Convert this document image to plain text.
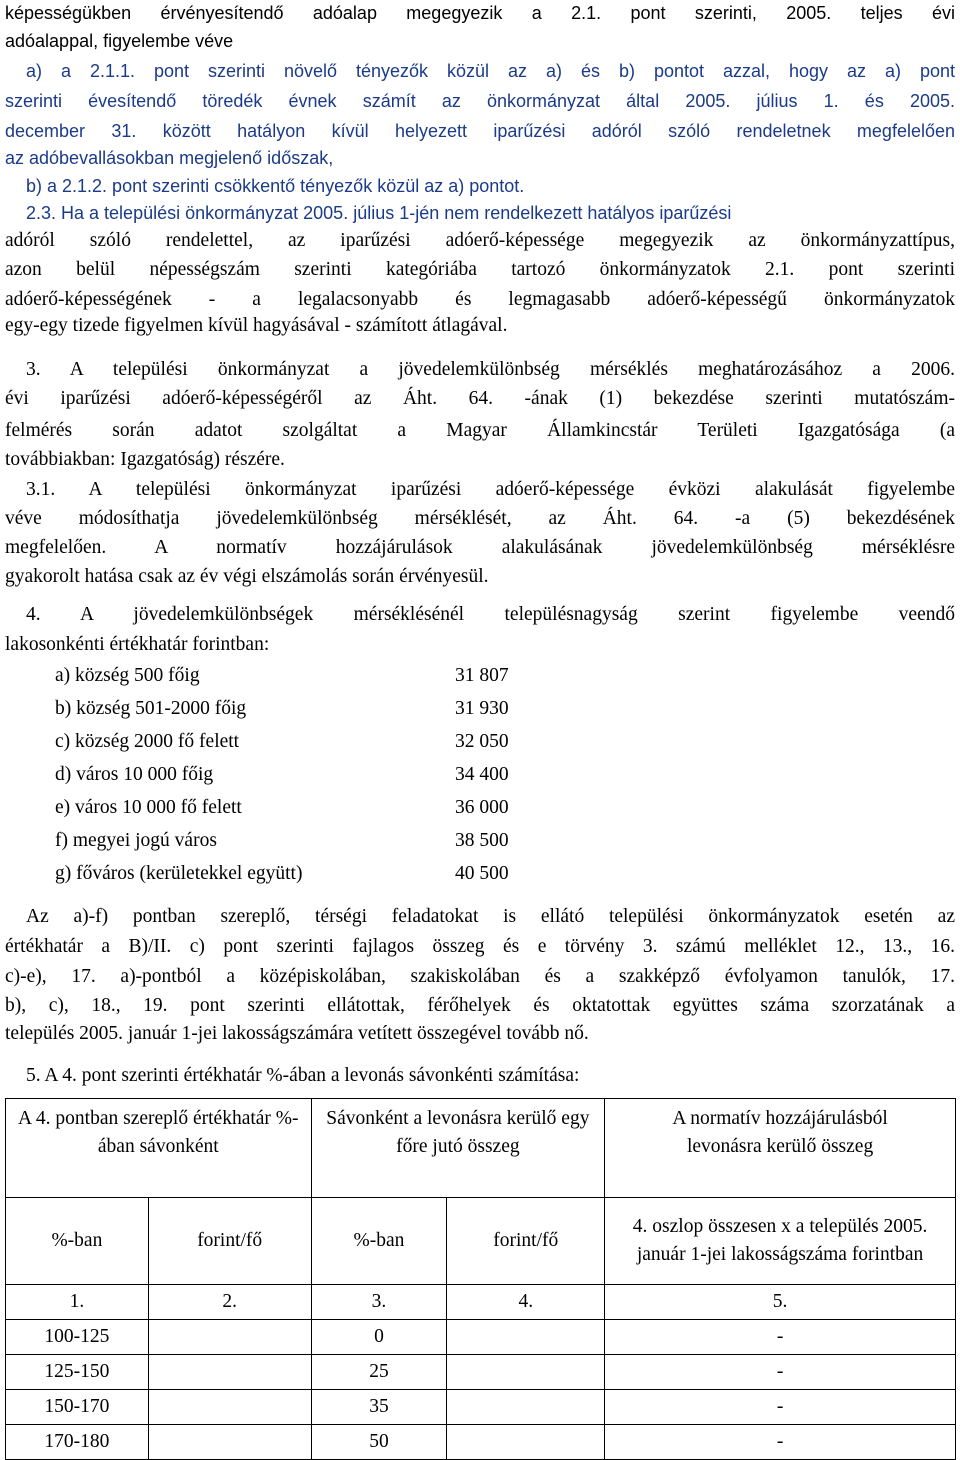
képességükben érvényesítendő adóalap megegyezik a 2.1. pont szerinti, 2005. teljes évi
adóalappal, figyelembe véve
a) a 2.1.1. pont szerinti növelő tényezők közül az a) és b) pontot azzal, hogy az a) pont
szerinti évesítendő töredék évnek számít az önkormányzat által 2005. július 1. és 2005.
december 31. között hatályon kívül helyezett iparűzési adóról szóló rendeletnek megfelelően
az adóbevallásokban megjelenő időszak,
b) a 2.1.2. pont szerinti csökkentő tényezők közül az a) pontot.
2.3. Ha a települési önkormányzat 2005. július 1-jén nem rendelkezett hatályos iparűzési
adóról szóló rendelettel, az iparűzési adóerő-képessége megegyezik az önkormányzattípus,
azon belül népességszám szerinti kategóriába tartozó önkormányzatok 2.1. pont szerinti
adóerő-képességének - a legalacsonyabb és legmagasabb adóerő-képességű önkormányzatok
egy-egy tizede figyelmen kívül hagyásával - számított átlagával.
3. A települési önkormányzat a jövedelemkülönbség mérséklés meghatározásához a 2006.
évi iparűzési adóerő-képességéről az Áht. 64. -ának (1) bekezdése szerinti mutatószám-
felmérés során adatot szolgáltat a Magyar Államkincstár Területi Igazgatósága (a
továbbiakban: Igazgatóság) részére.
3.1. A települési önkormányzat iparűzési adóerő-képessége évközi alakulását figyelembe
véve módosíthatja jövedelemkülönbség mérséklését, az Áht. 64. -a (5) bekezdésének
megfelelően. A normatív hozzájárulások alakulásának jövedelemkülönbség mérséklésre
gyakorolt hatása csak az év végi elszámolás során érvényesül.
4. A jövedelemkülönbségek mérséklésénél településnagyság szerint figyelembe veendő
lakosonkénti értékhatár forintban:
a) község 500 főig	31 807
b) község 501-2000 főig	31 930
c) község 2000 fő felett	32 050
d) város 10 000 főig	34 400
e) város 10 000 fő felett	36 000
f) megyei jogú város	38 500
g) főváros (kerületekkel együtt)	40 500
Az a)-f) pontban szereplő, térségi feladatokat is ellátó települési önkormányzatok esetén az
értékhatár a B)/II. c) pont szerinti fajlagos összeg és e törvény 3. számú melléklet 12., 13., 16.
c)-e), 17. a)-pontból a középiskolában, szakiskolában és a szakképző évfolyamon tanulók, 17.
b), c), 18., 19. pont szerinti ellátottak, férőhelyek és oktatottak együttes száma szorzatának a
település 2005. január 1-jei lakosságszámára vetített összegével tovább nő.
5. A 4. pont szerinti értékhatár %-ában a levonás sávonkénti számítása:
A 4. pontban szereplő értékhatár %-ában sávonként		Sávonként a levonásra kerülő egy főre jutó összeg		A normatív hozzájárulásból levonásra kerülő összeg
%-ban	forint/fő	%-ban	forint/fő	4. oszlop összesen x a település 2005. január 1-jei lakosságszáma forintban
1.	2.	3.	4.	5.
100-125		0		-
125-150		25		-
150-170		35		-
170-180		50		-
